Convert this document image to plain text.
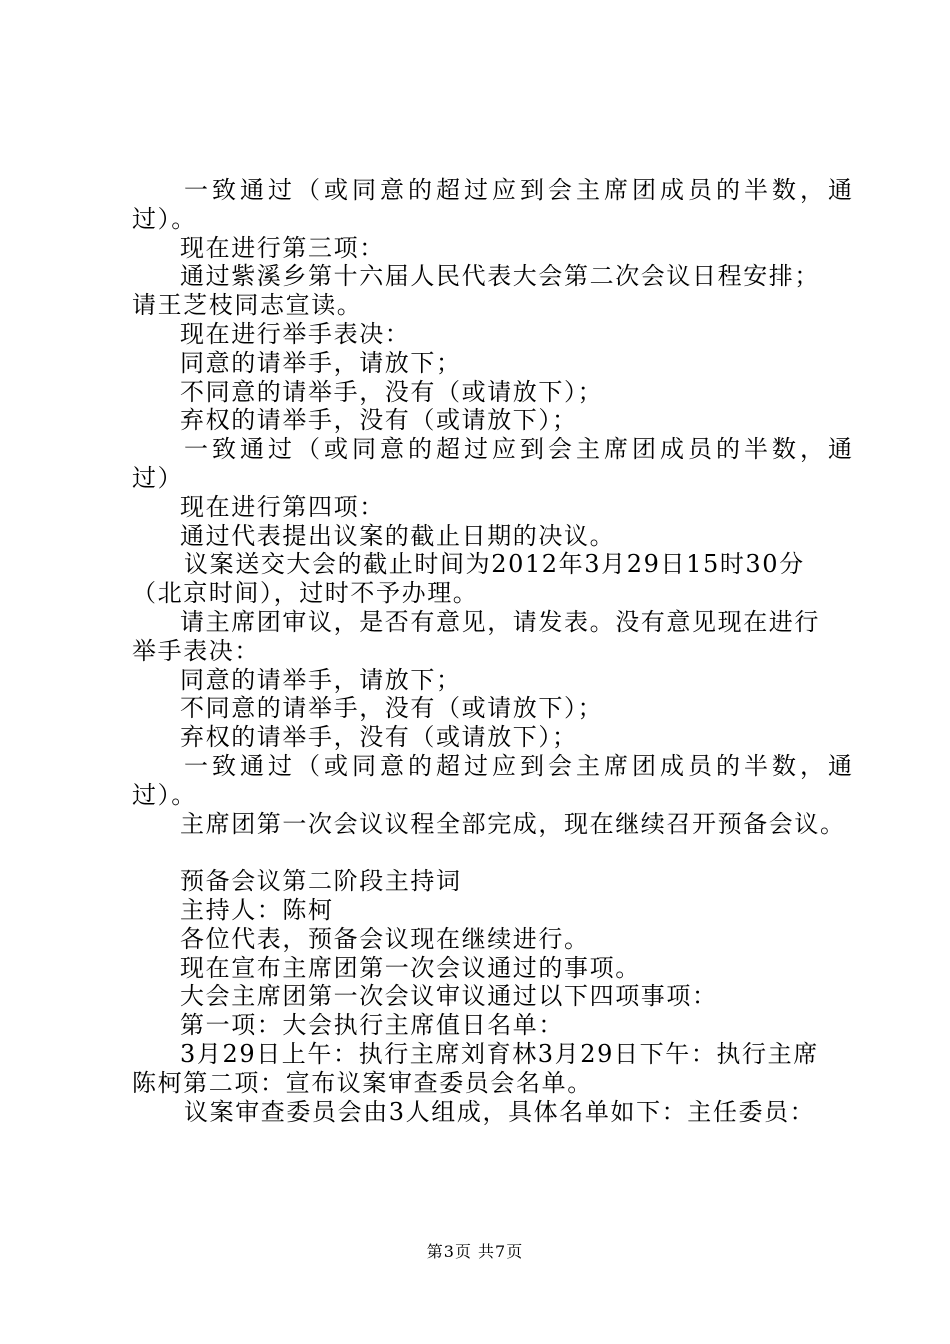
一致通过（或同意的超过应到会主席团成员的半数，通
过）。
现在进行第三项：
通过紫溪乡第十六届人民代表大会第二次会议日程安排；
请王芝枝同志宣读。
现在进行举手表决：
同意的请举手，请放下；
不同意的请举手，没有（或请放下）；
弃权的请举手，没有（或请放下）；
一致通过（或同意的超过应到会主席团成员的半数，通
过）
现在进行第四项：
通过代表提出议案的截止日期的决议。
议案送交大会的截止时间为2012年3月29日15时30分
（北京时间），过时不予办理。
请主席团审议，是否有意见，请发表。没有意见现在进行
举手表决：
同意的请举手，请放下；
不同意的请举手，没有（或请放下）；
弃权的请举手，没有（或请放下）；
一致通过（或同意的超过应到会主席团成员的半数，通
过）。
主席团第一次会议议程全部完成，现在继续召开预备会议。
预备会议第二阶段主持词
主持人：陈柯
各位代表，预备会议现在继续进行。
现在宣布主席团第一次会议通过的事项。
大会主席团第一次会议审议通过以下四项事项：
第一项：大会执行主席值日名单：
3月29日上午：执行主席刘育林3月29日下午：执行主席
陈柯第二项：宣布议案审查委员会名单。
议案审查委员会由3人组成，具体名单如下：主任委员：
第3页 共7页
